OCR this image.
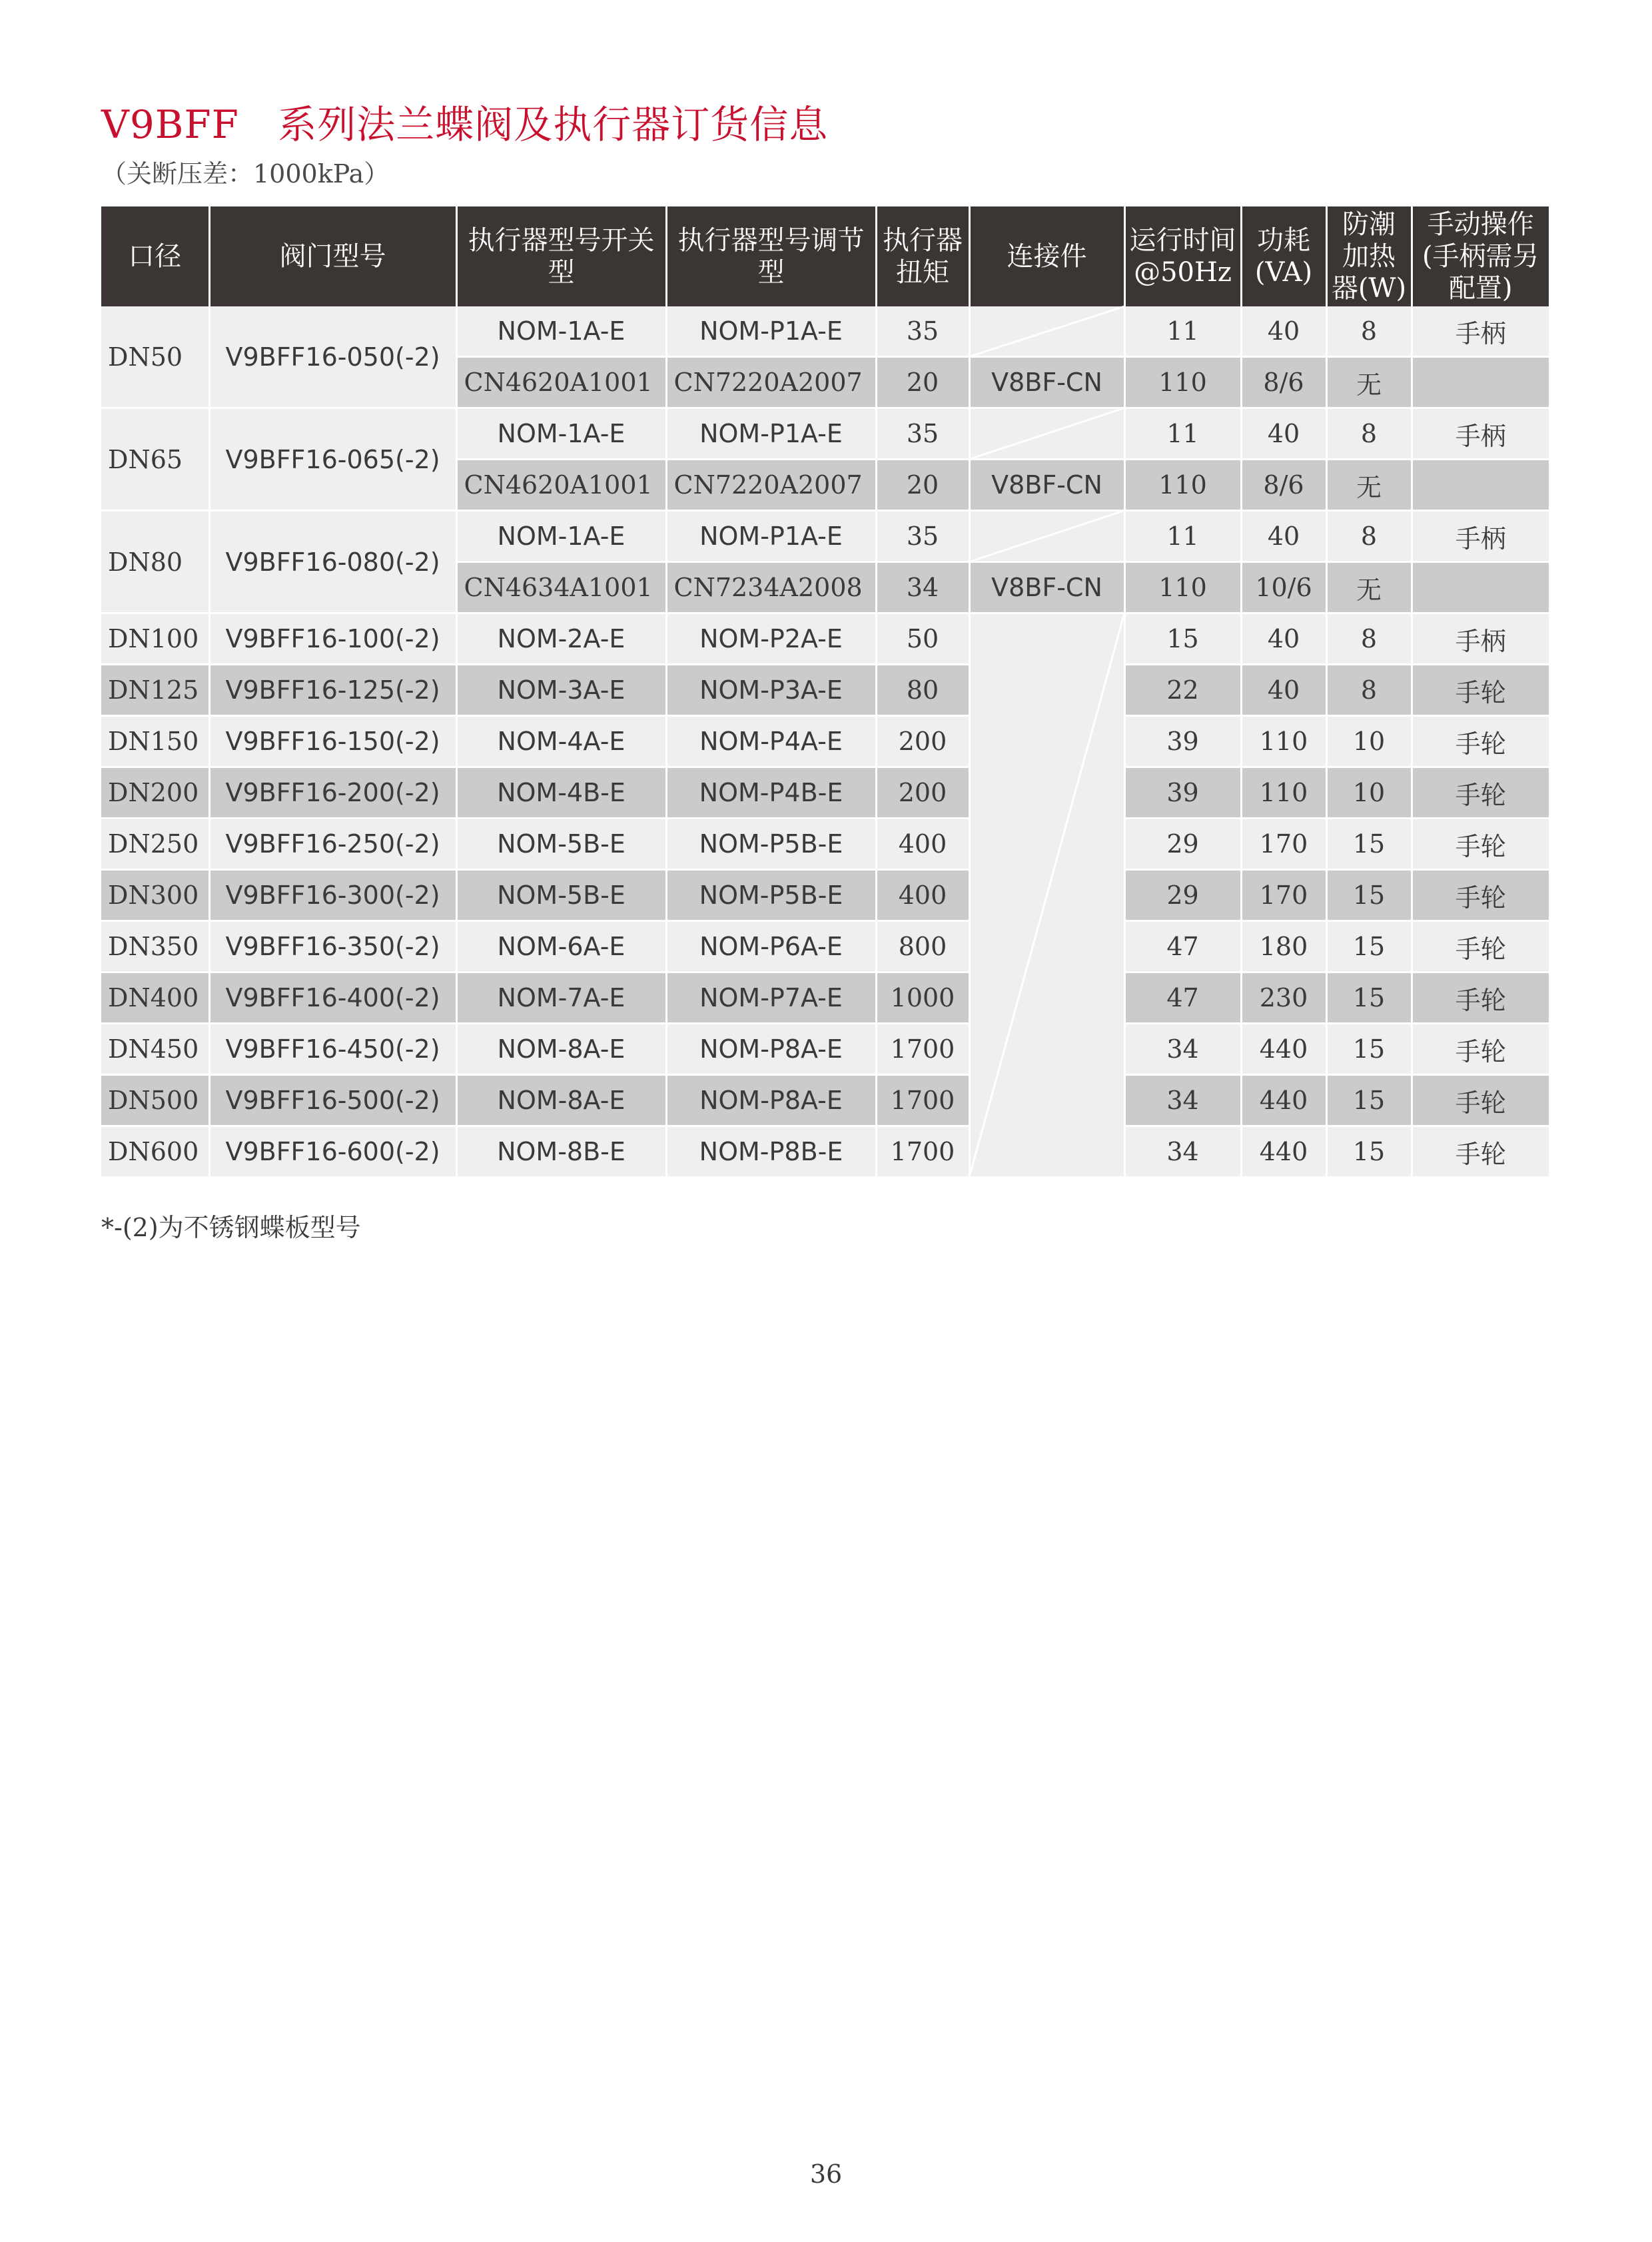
V9BFF   系列法兰蝶阀及执行器订货信息
（关断压差：1000kPa）
口径	阀门型号	执行器型号开关型	执行器型号调节型	执行器扭矩	连接件	运行时间@50Hz	功耗(VA)	防潮加热器(W)	手动操作(手柄需另配置)
DN50	V9BFF16-050(-2)	NOM-1A-E	NOM-P1A-E	35		11	40	8	手柄
		CN4620A1001	CN7220A2007	20	V8BF-CN	110	8/6	无	
DN65	V9BFF16-065(-2)	NOM-1A-E	NOM-P1A-E	35		11	40	8	手柄
		CN4620A1001	CN7220A2007	20	V8BF-CN	110	8/6	无	
DN80	V9BFF16-080(-2)	NOM-1A-E	NOM-P1A-E	35		11	40	8	手柄
		CN4634A1001	CN7234A2008	34	V8BF-CN	110	10/6	无	
DN100	V9BFF16-100(-2)	NOM-2A-E	NOM-P2A-E	50		15	40	8	手柄
DN125	V9BFF16-125(-2)	NOM-3A-E	NOM-P3A-E	80		22	40	8	手轮
DN150	V9BFF16-150(-2)	NOM-4A-E	NOM-P4A-E	200		39	110	10	手轮
DN200	V9BFF16-200(-2)	NOM-4B-E	NOM-P4B-E	200		39	110	10	手轮
DN250	V9BFF16-250(-2)	NOM-5B-E	NOM-P5B-E	400		29	170	15	手轮
DN300	V9BFF16-300(-2)	NOM-5B-E	NOM-P5B-E	400		29	170	15	手轮
DN350	V9BFF16-350(-2)	NOM-6A-E	NOM-P6A-E	800		47	180	15	手轮
DN400	V9BFF16-400(-2)	NOM-7A-E	NOM-P7A-E	1000		47	230	15	手轮
DN450	V9BFF16-450(-2)	NOM-8A-E	NOM-P8A-E	1700		34	440	15	手轮
DN500	V9BFF16-500(-2)	NOM-8A-E	NOM-P8A-E	1700		34	440	15	手轮
DN600	V9BFF16-600(-2)	NOM-8B-E	NOM-P8B-E	1700		34	440	15	手轮
*-(2)为不锈钢蝶板型号
36
